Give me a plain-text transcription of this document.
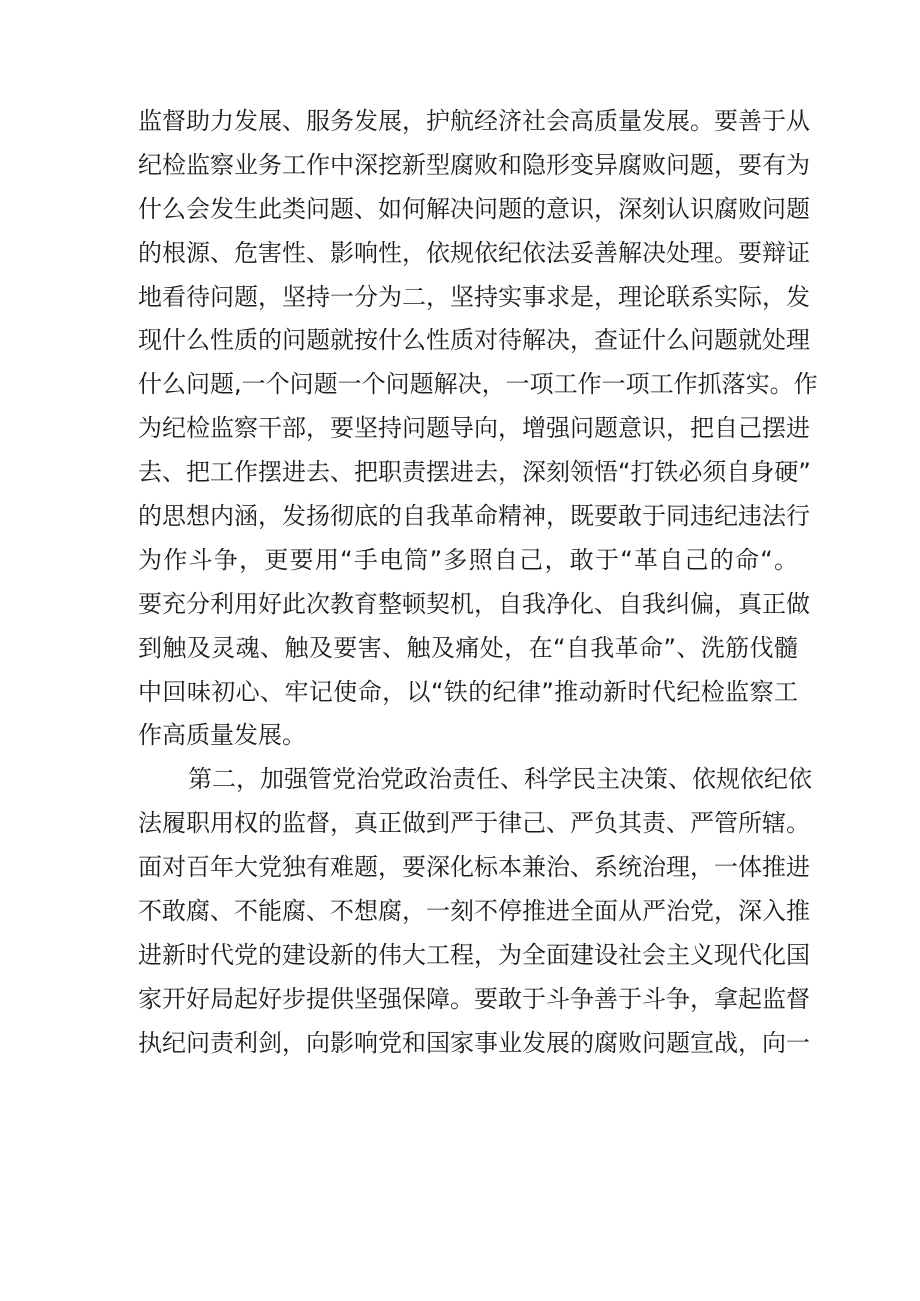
监督助力发展、服务发展，护航经济社会高质量发展。要善于从
纪检监察业务工作中深挖新型腐败和隐形变异腐败问题，要有为
什么会发生此类问题、如何解决问题的意识，深刻认识腐败问题
的根源、危害性、影响性，依规依纪依法妥善解决处理。要辩证
地看待问题，坚持一分为二，坚持实事求是，理论联系实际，发
现什么性质的问题就按什么性质对待解决，查证什么问题就处理
什么问题,一个问题一个问题解决，一项工作一项工作抓落实。作
为纪检监察干部，要坚持问题导向，增强问题意识，把自己摆进
去、把工作摆进去、把职责摆进去，深刻领悟“打铁必须自身硬”
的思想内涵，发扬彻底的自我革命精神，既要敢于同违纪违法行
为作斗争，更要用“手电筒”多照自己，敢于“革自己的命“。
要充分利用好此次教育整顿契机，自我净化、自我纠偏，真正做
到触及灵魂、触及要害、触及痛处，在“自我革命”、洗筋伐髓
中回味初心、牢记使命，以“铁的纪律”推动新时代纪检监察工
作高质量发展。
第二，加强管党治党政治责任、科学民主决策、依规依纪依
法履职用权的监督，真正做到严于律己、严负其责、严管所辖。
面对百年大党独有难题，要深化标本兼治、系统治理，一体推进
不敢腐、不能腐、不想腐，一刻不停推进全面从严治党，深入推
进新时代党的建设新的伟大工程，为全面建设社会主义现代化国
家开好局起好步提供坚强保障。要敢于斗争善于斗争，拿起监督
执纪问责利剑，向影响党和国家事业发展的腐败问题宣战，向一
